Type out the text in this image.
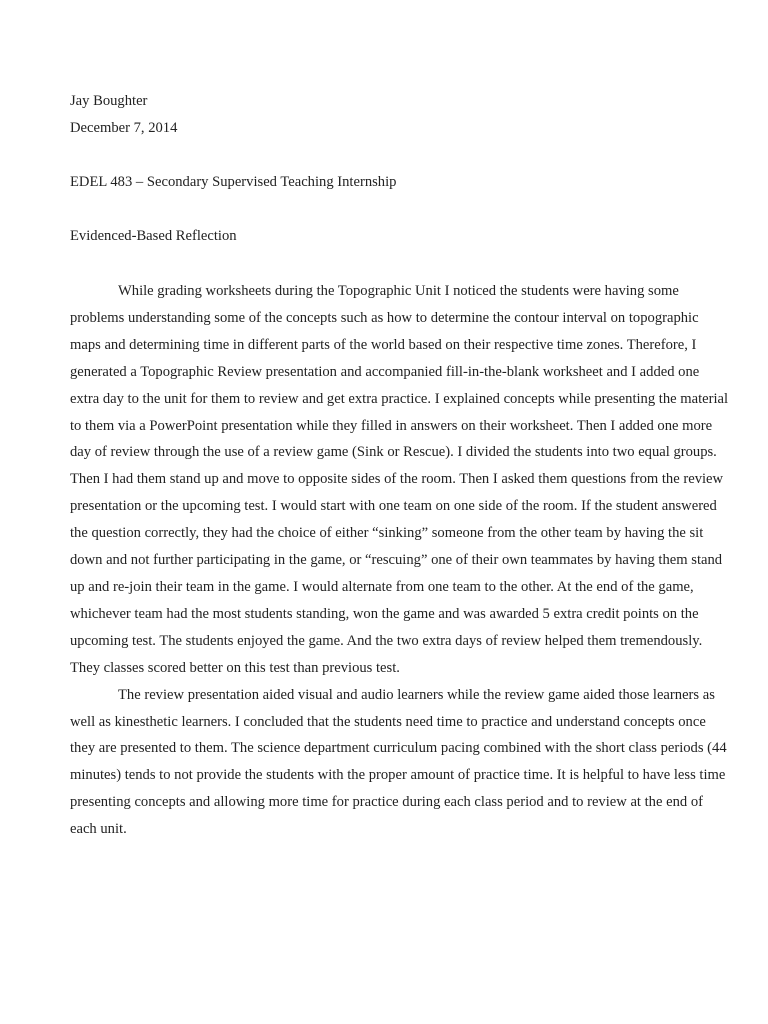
Jay Boughter
December 7, 2014
EDEL 483 – Secondary Supervised Teaching Internship
Evidenced-Based Reflection

While grading worksheets during the Topographic Unit I noticed the students were having some problems understanding some of the concepts such as how to determine the contour interval on topographic maps and determining time in different parts of the world based on their respective time zones. Therefore, I generated a Topographic Review presentation and accompanied fill-in-the-blank worksheet and I added one extra day to the unit for them to review and get extra practice. I explained concepts while presenting the material to them via a PowerPoint presentation while they filled in answers on their worksheet. Then I added one more day of review through the use of a review game (Sink or Rescue). I divided the students into two equal groups. Then I had them stand up and move to opposite sides of the room. Then I asked them questions from the review presentation or the upcoming test. I would start with one team on one side of the room. If the student answered the question correctly, they had the choice of either “sinking” someone from the other team by having the sit down and not further participating in the game, or “rescuing” one of their own teammates by having them stand up and re-join their team in the game. I would alternate from one team to the other. At the end of the game, whichever team had the most students standing, won the game and was awarded 5 extra credit points on the upcoming test. The students enjoyed the game. And the two extra days of review helped them tremendously. They classes scored better on this test than previous test.

The review presentation aided visual and audio learners while the review game aided those learners as well as kinesthetic learners. I concluded that the students need time to practice and understand concepts once they are presented to them. The science department curriculum pacing combined with the short class periods (44 minutes) tends to not provide the students with the proper amount of practice time. It is helpful to have less time presenting concepts and allowing more time for practice during each class period and to review at the end of each unit.
